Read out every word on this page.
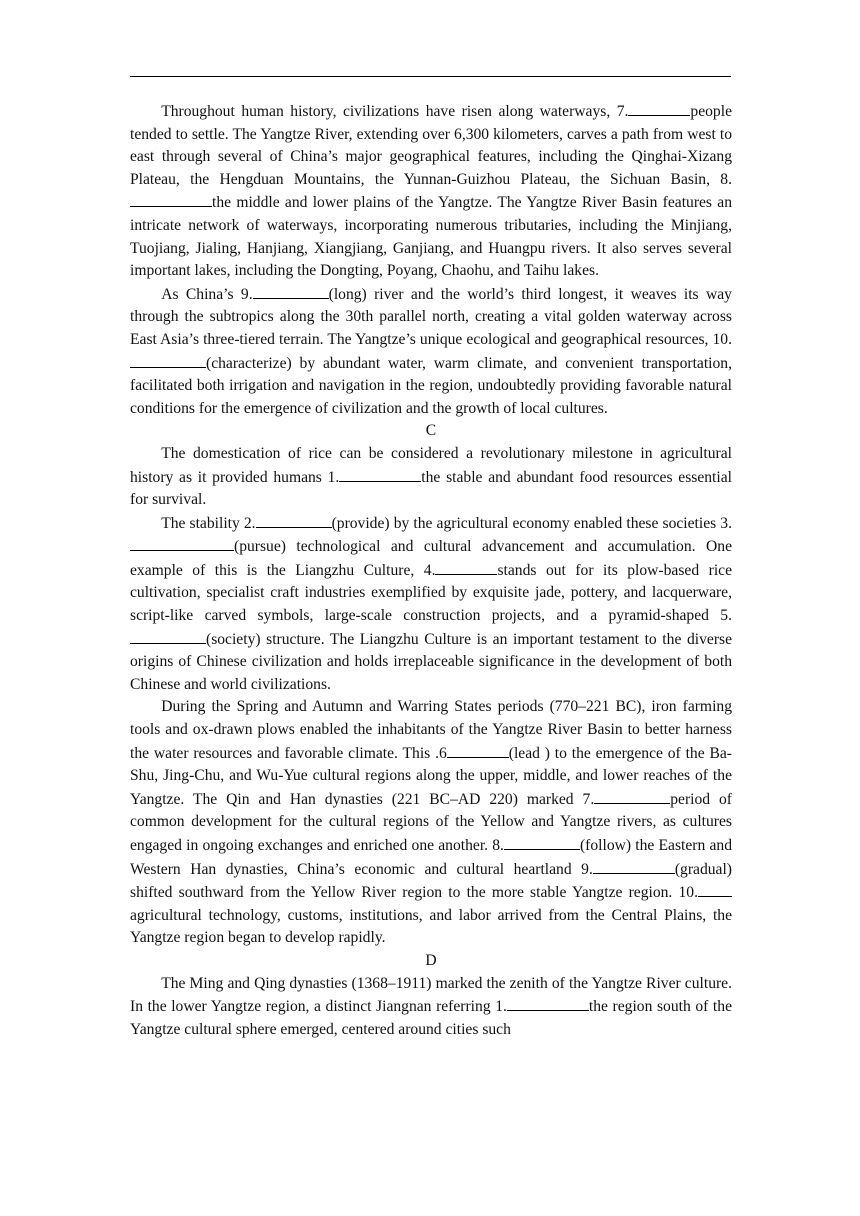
Throughout human history, civilizations have risen along waterways, 7.	people tended to settle. The Yangtze River, extending over 6,300 kilometers, carves a path from west to east through several of China’s major geographical features, including the Qinghai-Xizang Plateau, the Hengduan Mountains, the Yunnan-Guizhou Plateau, the Sichuan Basin, 8.the middle and lower plains of the Yangtze. The Yangtze River Basin features an intricate network of waterways, incorporating numerous tributaries, including the Minjiang, Tuojiang, Jialing, Hanjiang, Xiangjiang, Ganjiang, and Huangpu rivers. It also serves several important lakes, including the Dongting, Poyang, Chaohu, and Taihu lakes.

As China’s 9.	(long) river and the world’s third longest, it weaves its way through the subtropics along the 30th parallel north, creating a vital golden waterway across East Asia’s three-tiered terrain. The Yangtze’s unique ecological and geographical resources, 10.(characterize) by abundant water, warm climate, and convenient transportation, facilitated both irrigation and navigation in the region, undoubtedly providing favorable natural conditions for the emergence of civilization and the growth of local cultures.

C

The domestication of rice can be considered a revolutionary milestone in agricultural history as it provided humans 1.	the stable and abundant food resources essential for survival.

The stability 2.	(provide) by the agricultural economy enabled these societies 3.(pursue) technological and cultural advancement and accumulation. One example of this is the Liangzhu Culture, 4.	stands out for its plow-based rice cultivation, specialist craft industries exemplified by exquisite jade, pottery, and lacquerware, script-like carved symbols, large-scale construction projects, and a pyramid-shaped 5.(society) structure. The Liangzhu Culture is an important testament to the diverse origins of Chinese civilization and holds irreplaceable significance in the development of both Chinese and world civilizations.

During the Spring and Autumn and Warring States periods (770–221 BC), iron farming tools and ox-drawn plows enabled the inhabitants of the Yangtze River Basin to better harness the water resources and favorable climate. This .6	(lead ) to the emergence of the Ba-Shu, Jing-Chu, and Wu-Yue cultural regions along the upper, middle, and lower reaches of the Yangtze. The Qin and Han dynasties (221 BC–AD 220) marked 7.	period of common development for the cultural regions of the Yellow and Yangtze rivers, as cultures engaged in ongoing exchanges and enriched one another. 8.	(follow) the Eastern and Western Han dynasties, China’s economic and cultural heartland 9.	(gradual) shifted southward from the Yellow River region to the more stable Yangtze region. 10.agricultural technology, customs, institutions, and labor arrived from the Central Plains, the Yangtze region began to develop rapidly.

D

The Ming and Qing dynasties (1368–1911) marked the zenith of the Yangtze River culture. In the lower Yangtze region, a distinct Jiangnan referring 1.	the region south of the Yangtze cultural sphere emerged, centered around cities such
